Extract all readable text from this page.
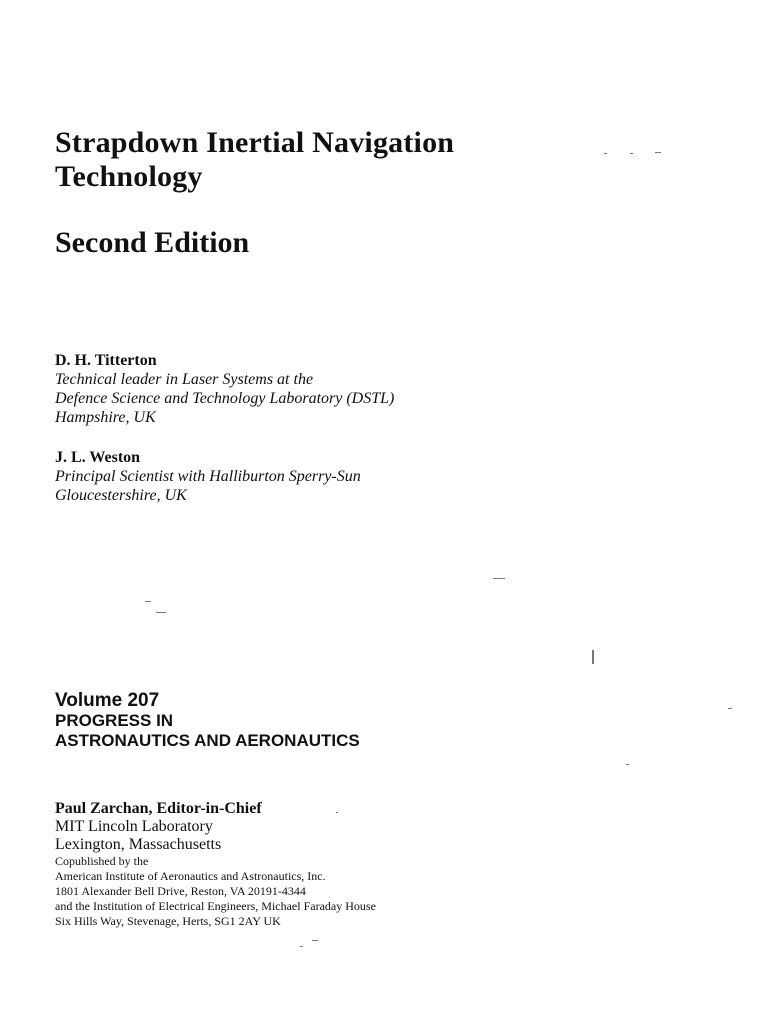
Strapdown Inertial Navigation
Technology
Second Edition
D. H. Titterton
Technical leader in Laser Systems at the
Defence Science and Technology Laboratory (DSTL)
Hampshire, UK
J. L. Weston
Principal Scientist with Halliburton Sperry-Sun
Gloucestershire, UK
Volume 207
PROGRESS IN
ASTRONAUTICS AND AERONAUTICS
Paul Zarchan, Editor-in-Chief
MIT Lincoln Laboratory
Lexington, Massachusetts
Copublished by the
American Institute of Aeronautics and Astronautics, Inc.
1801 Alexander Bell Drive, Reston, VA 20191-4344
and the Institution of Electrical Engineers, Michael Faraday House
Six Hills Way, Stevenage, Herts, SG1 2AY UK
